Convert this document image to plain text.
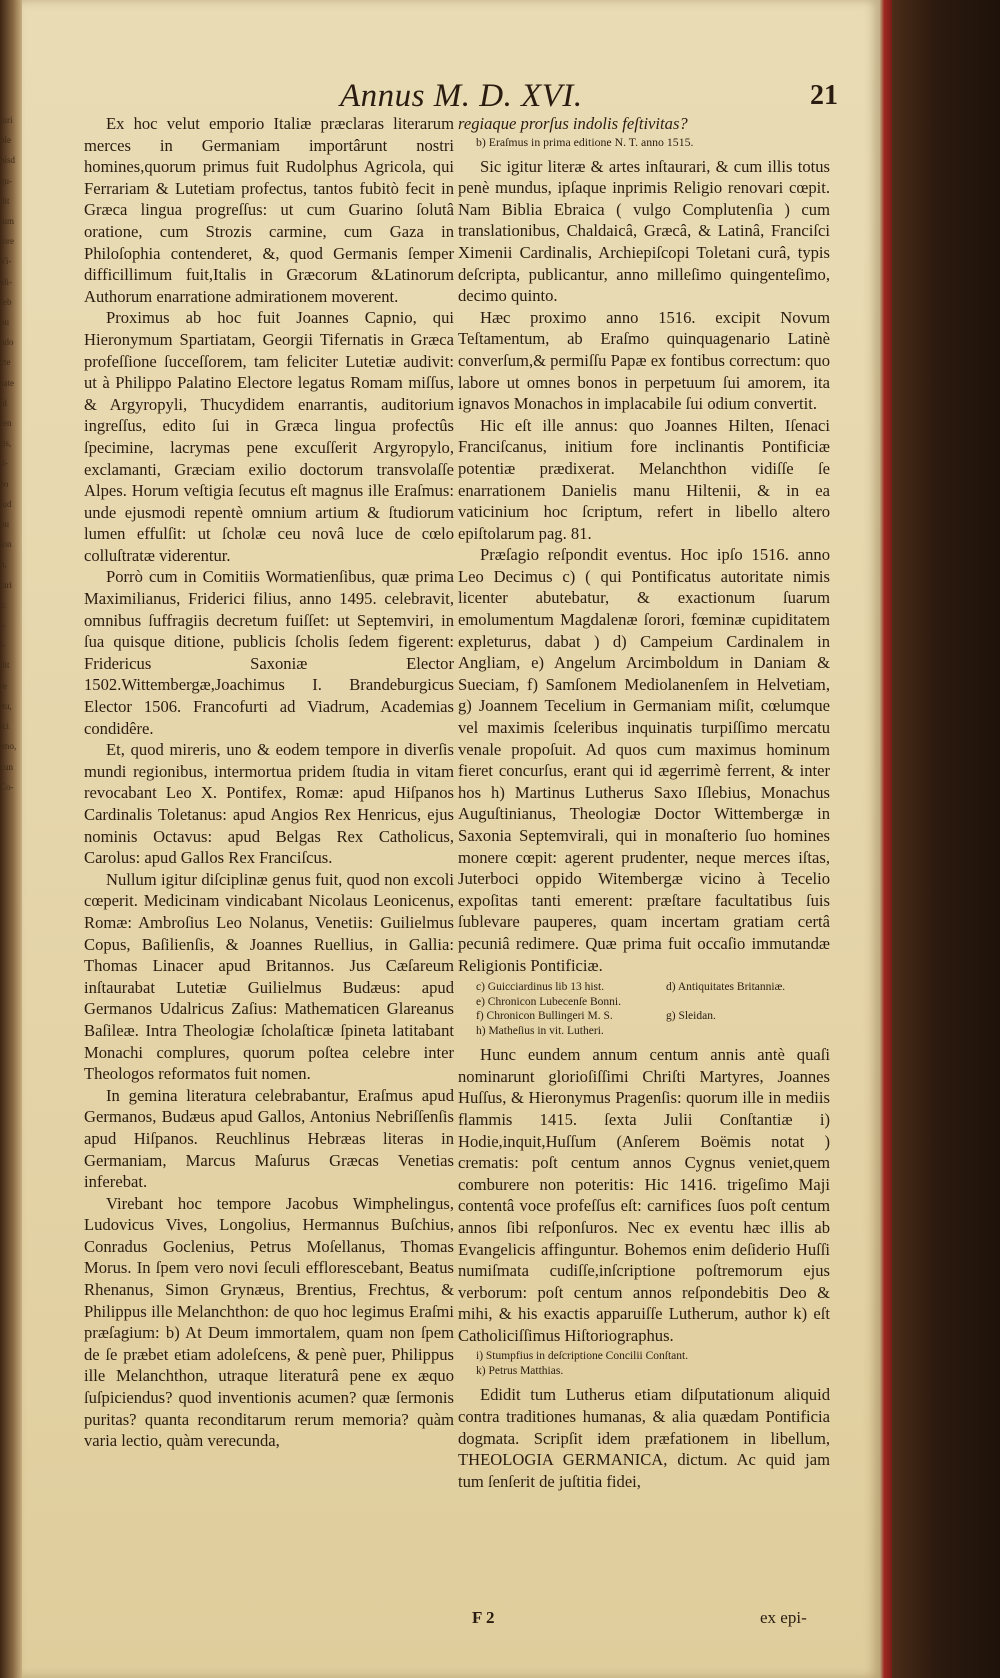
turi
ole
bisd
gu-
dit
tum
lore
Vi-
ali-
reb
pu
ndo
cte
sate
ul
ren
ris,
ti-
eo
iud
pu
lon
n,
tari
s:
t-
l-
dit
re
itu,
ici
imo,
cun
Co-
Annus M. D. XVI.	21

Ex hoc velut emporio Italiæ præclaras literarum merces in Germaniam importârunt nostri homines,quorum primus fuit Rudolphus Agricola, qui Ferrariam & Lutetiam profectus, tantos fubitò fecit in Græca lingua progreſſus: ut cum Guarino ſolutâ oratione, cum Strozis carmine, cum Gaza in Philoſophia contenderet, &, quod Germanis ſemper difficillimum fuit,Italis in Græcorum &Latinorum Authorum enarratione admirationem moverent.

Proximus ab hoc fuit Joannes Capnio, qui Hieronymum Spartiatam, Georgii Tifernatis in Græca profeſſione ſucceſſorem, tam feliciter Lutetiæ audivit: ut à Philippo Palatino Electore legatus Romam miſſus, & Argyropyli, Thucydidem enarrantis, auditorium ingreſſus, edito ſui in Græca lingua profectûs ſpecimine, lacrymas pene excuſſerit Argyropylo, exclamanti, Græciam exilio doctorum transvolaſſe Alpes. Horum veſtigia ſecutus eſt magnus ille Eraſmus: unde ejusmodi repentè omnium artium & ſtudiorum lumen effulſit: ut ſcholæ ceu novâ luce de cœlo colluſtratæ viderentur.

Porrò cum in Comitiis Wormatienſibus, quæ prima Maximilianus, Friderici filius, anno 1495. celebravit, omnibus ſuffragiis decretum fuiſſet: ut Septemviri, in ſua quisque ditione, publicis ſcholis ſedem figerent: Fridericus Saxoniæ Elector 1502.Wittembergæ,Joachimus I. Brandeburgicus Elector 1506. Francofurti ad Viadrum, Academias condidêre.

Et, quod mireris, uno & eodem tempore in diverſis mundi regionibus, intermortua pridem ſtudia in vitam revocabant Leo X. Pontifex, Romæ: apud Hiſpanos Cardinalis Toletanus: apud Angios Rex Henricus, ejus nominis Octavus: apud Belgas Rex Catholicus, Carolus: apud Gallos Rex Franciſcus.

Nullum igitur diſciplinæ genus fuit, quod non excoli cœperit. Medicinam vindicabant Nicolaus Leonicenus, Romæ: Ambroſius Leo Nolanus, Venetiis: Guilielmus Copus, Baſilienſis, & Joannes Ruellius, in Gallia: Thomas Linacer apud Britannos. Jus Cæſareum inſtaurabat Lutetiæ Guilielmus Budæus: apud Germanos Udalricus Zaſius: Mathematicen Glareanus Baſileæ. Intra Theologiæ ſcholaſticæ ſpineta latitabant Monachi complures, quorum poſtea celebre inter Theologos reformatos fuit nomen.

In gemina literatura celebrabantur, Eraſmus apud Germanos, Budæus apud Gallos, Antonius Nebriſſenſis apud Hiſpanos. Reuchlinus Hebræas literas in Germaniam, Marcus Maſurus Græcas Venetias inferebat.

Virebant hoc tempore Jacobus Wimphelingus, Ludovicus Vives, Longolius, Hermannus Buſchius, Conradus Goclenius, Petrus Moſellanus, Thomas Morus. In ſpem vero novi ſeculi efflorescebant, Beatus Rhenanus, Simon Grynæus, Brentius, Frechtus, & Philippus ille Melanchthon: de quo hoc legimus Eraſmi præſagium: b) At Deum immortalem, quam non ſpem de ſe præbet etiam adoleſcens, & penè puer, Philippus ille Melanchthon, utraque literaturâ pene ex æquo ſuſpiciendus? quod inventionis acumen? quæ ſermonis puritas? quanta reconditarum rerum memoria? quàm varia lectio, quàm verecunda,

regiaque prorſus indolis feſtivitas?

b) Eraſmus in prima editione N. T. anno 1515.

Sic igitur literæ & artes inſtaurari, & cum illis totus penè mundus, ipſaque inprimis Religio renovari cœpit. Nam Biblia Ebraica ( vulgo Complutenſia ) cum translationibus, Chaldaicâ, Græcâ, & Latinâ, Franciſci Ximenii Cardinalis, Archiepiſcopi Toletani curâ, typis deſcripta, publicantur, anno milleſimo quingenteſimo, decimo quinto.

Hæc proximo anno 1516. excipit Novum Teſtamentum, ab Eraſmo quinquagenario Latinè converſum,& permiſſu Papæ ex fontibus correctum: quo labore ut omnes bonos in perpetuum ſui amorem, ita ignavos Monachos in implacabile ſui odium convertit.

Hic eſt ille annus: quo Joannes Hilten, Iſenaci Franciſcanus, initium fore inclinantis Pontificiæ potentiæ prædixerat. Melanchthon vidiſſe ſe enarrationem Danielis manu Hiltenii, & in ea vaticinium hoc ſcriptum, refert in libello altero epiſtolarum pag. 81.

Præſagio reſpondit eventus. Hoc ipſo 1516. anno Leo Decimus c) ( qui Pontificatus autoritate nimis licenter abutebatur, & exactionum ſuarum emolumentum Magdalenæ ſorori, fœminæ cupiditatem expleturus, dabat ) d) Campeium Cardinalem in Angliam, e) Angelum Arcimboldum in Daniam & Sueciam, f) Samſonem Mediolanenſem in Helvetiam, g) Joannem Tecelium in Germaniam miſit, cœlumque vel maximis ſceleribus inquinatis turpiſſimo mercatu venale propoſuit. Ad quos cum maximus hominum fieret concurſus, erant qui id ægerrimè ferrent, & inter hos h) Martinus Lutherus Saxo Iſlebius, Monachus Auguſtinianus, Theologiæ Doctor Wittembergæ in Saxonia Septemvirali, qui in monaſterio ſuo homines monere cœpit: agerent prudenter, neque merces iſtas, Juterboci oppido Witembergæ vicino à Tecelio expoſitas tanti emerent: præſtare facultatibus ſuis ſublevare pauperes, quam incertam gratiam certâ pecuniâ redimere. Quæ prima fuit occaſio immutandæ Religionis Pontificiæ.

c) Guicciardinus lib 13 hist.	d) Antiquitates Britanniæ.
e) Chronicon Lubecenſe Bonni.
f) Chronicon Bullingeri M. S.	g) Sleidan.
h) Matheſius in vit. Lutheri.

Hunc eundem annum centum annis antè quaſi nominarunt glorioſiſſimi Chriſti Martyres, Joannes Huſſus, & Hieronymus Pragenſis: quorum ille in mediis flammis 1415. ſexta Julii Conſtantiæ i) Hodie,inquit,Huſſum (Anſerem Boëmis notat ) crematis: poſt centum annos Cygnus veniet,quem comburere non poteritis: Hic 1416. trigeſimo Maji contentâ voce profeſſus eſt: carnifices ſuos poſt centum annos ſibi reſponſuros. Nec ex eventu hæc illis ab Evangelicis affinguntur. Bohemos enim deſiderio Huſſi numiſmata cudiſſe,inſcriptione poſtremorum ejus verborum: poſt centum annos reſpondebitis Deo & mihi, & his exactis apparuiſſe Lutherum, author k) eſt Catholiciſſimus Hiſtoriographus.

i) Stumpfius in deſcriptione Concilii Conſtant.
k) Petrus Matthias.

Edidit tum Lutherus etiam diſputationum aliquid contra traditiones humanas, & alia quædam Pontificia dogmata. Scripſit idem præfationem in libellum, THEOLOGIA GERMANICA, dictum. Ac quid jam tum ſenſerit de juſtitia fidei,

F 2	ex epi-
